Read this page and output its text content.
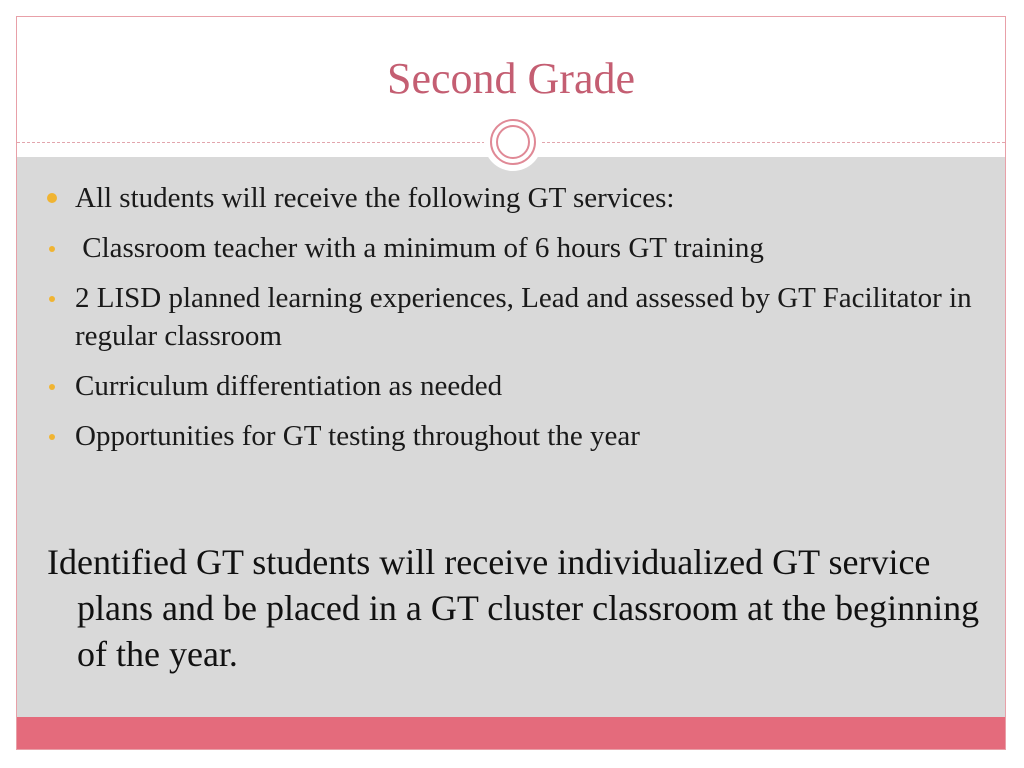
Second Grade
All students will receive the following GT services:
Classroom teacher with a minimum of 6 hours GT training
2 LISD planned learning experiences, Lead and assessed by GT Facilitator in regular classroom
Curriculum differentiation as needed
Opportunities for GT testing throughout the year

Identified GT students will receive individualized GT service plans and be placed in a GT cluster classroom at the beginning of the year.
